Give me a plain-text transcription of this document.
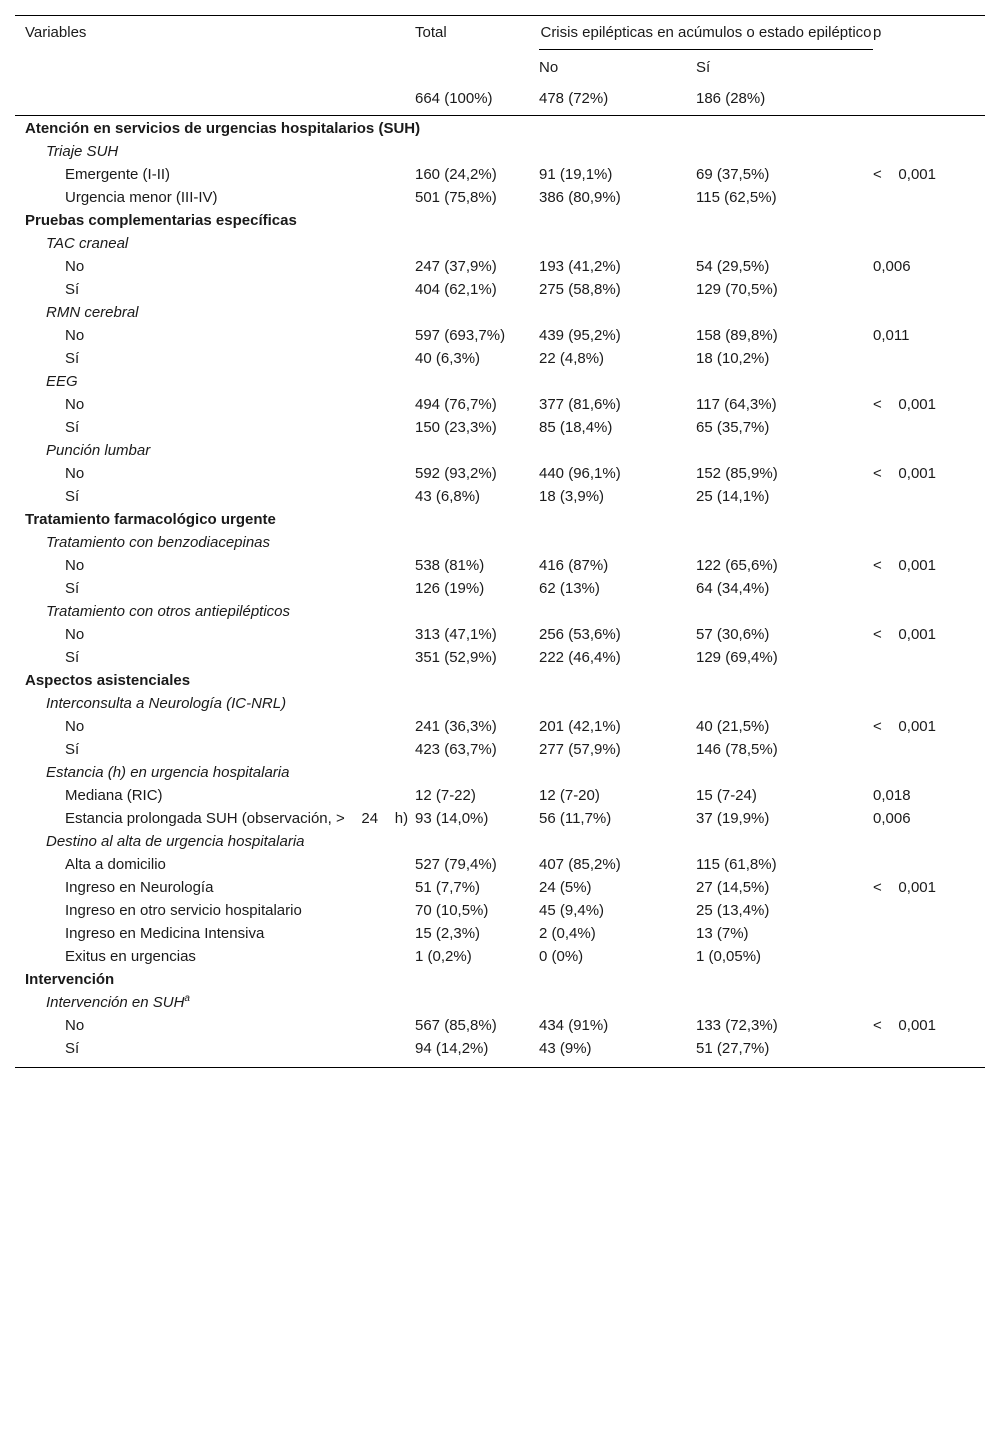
Variables	Total	Crisis epilépticas en acúmulos o estado epiléptico		p
		No	Sí	
	664 (100%)	478 (72%)	186 (28%)	
Atención en servicios de urgencias hospitalarios (SUH)				
Triaje SUH				
Emergente (I-II)	160 (24,2%)	91 (19,1%)	69 (37,5%)	<    0,001
Urgencia menor (III-IV)	501 (75,8%)	386 (80,9%)	115 (62,5%)	
Pruebas complementarias específicas				
TAC craneal				
No	247 (37,9%)	193 (41,2%)	54 (29,5%)	0,006
Sí	404 (62,1%)	275 (58,8%)	129 (70,5%)	
RMN cerebral				
No	597 (693,7%)	439 (95,2%)	158 (89,8%)	0,011
Sí	40 (6,3%)	22 (4,8%)	18 (10,2%)	
EEG				
No	494 (76,7%)	377 (81,6%)	117 (64,3%)	<    0,001
Sí	150 (23,3%)	85 (18,4%)	65 (35,7%)	
Punción lumbar				
No	592 (93,2%)	440 (96,1%)	152 (85,9%)	<    0,001
Sí	43 (6,8%)	18 (3,9%)	25 (14,1%)	
Tratamiento farmacológico urgente				
Tratamiento con benzodiacepinas				
No	538 (81%)	416 (87%)	122 (65,6%)	<    0,001
Sí	126 (19%)	62 (13%)	64 (34,4%)	
Tratamiento con otros antiepilépticos				
No	313 (47,1%)	256 (53,6%)	57 (30,6%)	<    0,001
Sí	351 (52,9%)	222 (46,4%)	129 (69,4%)	
Aspectos asistenciales				
Interconsulta a Neurología (IC-NRL)				
No	241 (36,3%)	201 (42,1%)	40 (21,5%)	<    0,001
Sí	423 (63,7%)	277 (57,9%)	146 (78,5%)	
Estancia (h) en urgencia hospitalaria				
Mediana (RIC)	12 (7-22)	12 (7-20)	15 (7-24)	0,018
Estancia prolongada SUH (observación, >    24    h)	93 (14,0%)	56 (11,7%)	37 (19,9%)	0,006
Destino al alta de urgencia hospitalaria				
Alta a domicilio	527 (79,4%)	407 (85,2%)	115 (61,8%)	
Ingreso en Neurología	51 (7,7%)	24 (5%)	27 (14,5%)	<    0,001
Ingreso en otro servicio hospitalario	70 (10,5%)	45 (9,4%)	25 (13,4%)	
Ingreso en Medicina Intensiva	15 (2,3%)	2 (0,4%)	13 (7%)	
Exitus en urgencias	1 (0,2%)	0 (0%)	1 (0,05%)	
Intervención				
Intervención en SUH$^a$
No	567 (85,8%)	434 (91%)	133 (72,3%)	<    0,001
Sí	94 (14,2%)	43 (9%)	51 (27,7%)	
